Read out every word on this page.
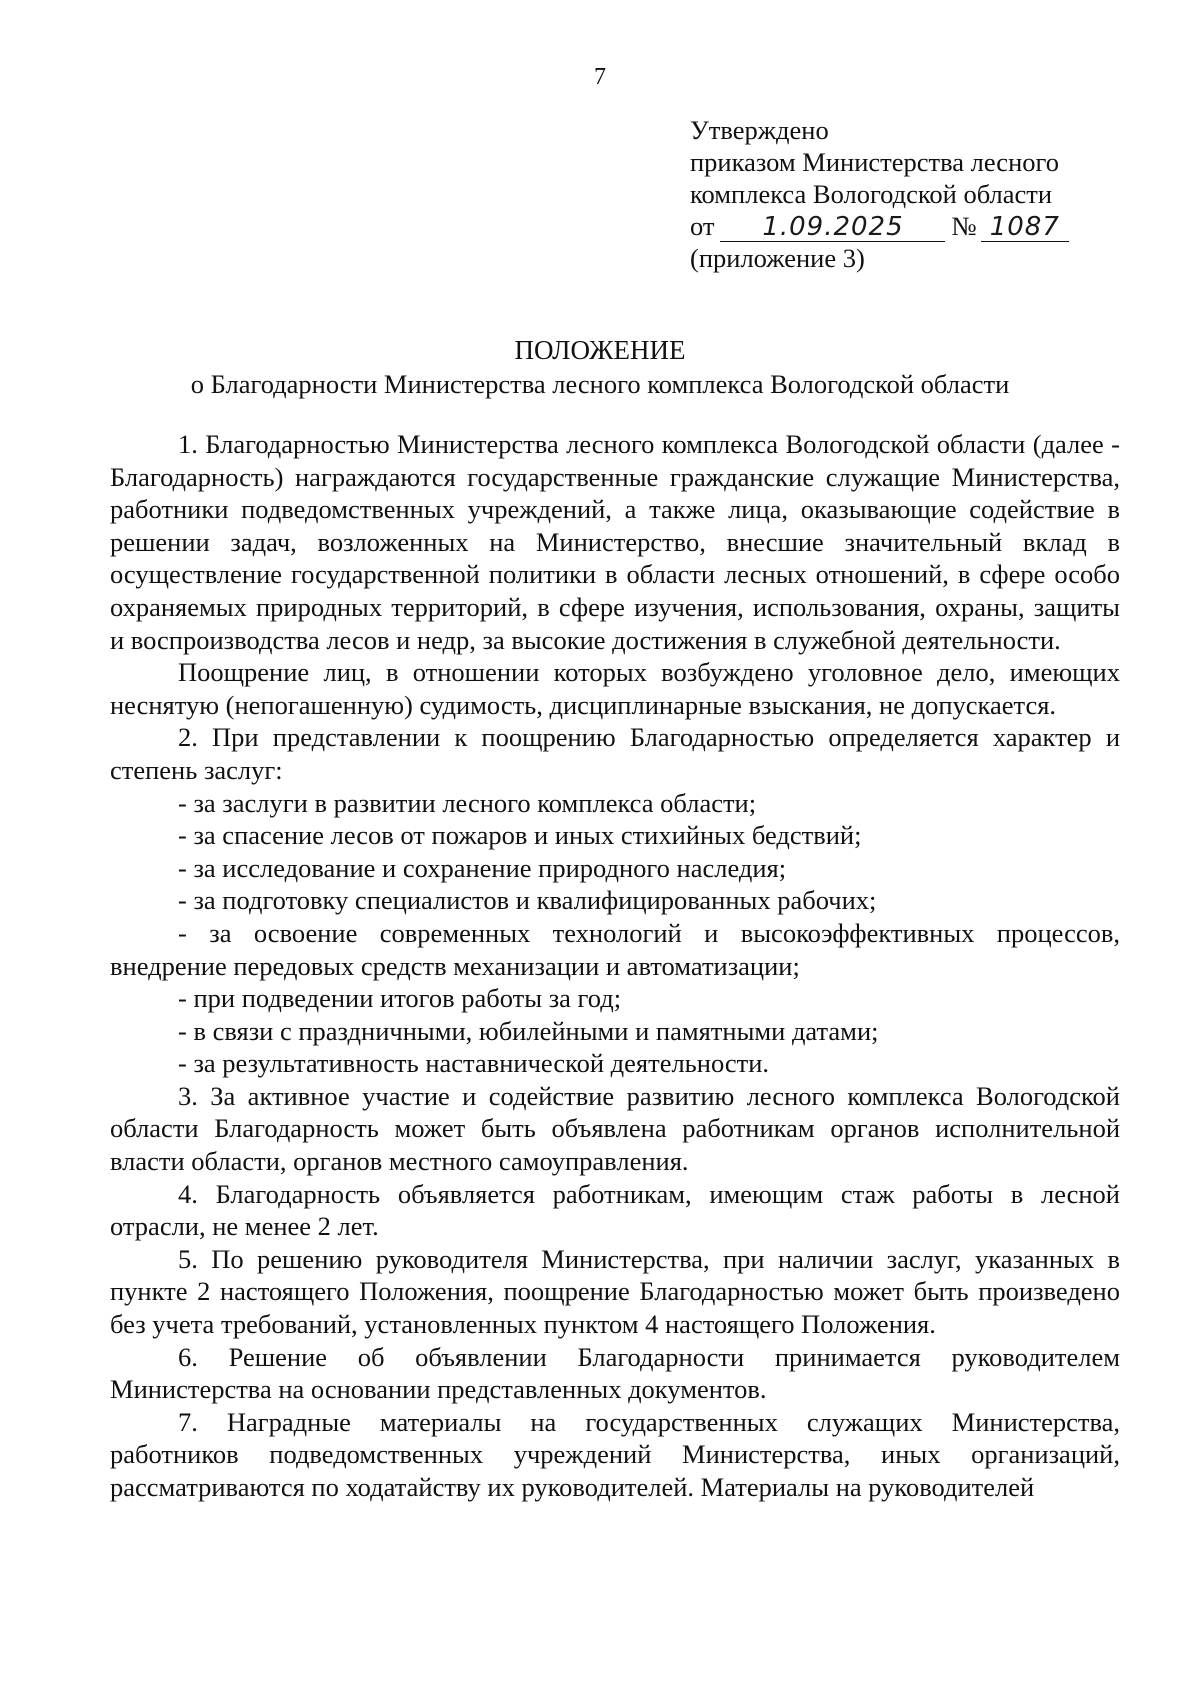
7
Утверждено
приказом Министерства лесного
комплекса Вологодской области
от 1.09.2025 № 1087
(приложение 3)
ПОЛОЖЕНИЕ
о Благодарности Министерства лесного комплекса Вологодской области

1. Благодарностью Министерства лесного комплекса Вологодской области (далее - Благодарность) награждаются государственные гражданские служащие Министерства, работники подведомственных учреждений, а также лица, оказывающие содействие в решении задач, возложенных на Министерство, внесшие значительный вклад в осуществление государственной политики в области лесных отношений, в сфере особо охраняемых природных территорий, в сфере изучения, использования, охраны, защиты и воспроизводства лесов и недр, за высокие достижения в служебной деятельности.

Поощрение лиц, в отношении которых возбуждено уголовное дело, имеющих неснятую (непогашенную) судимость, дисциплинарные взыскания, не допускается.

2. При представлении к поощрению Благодарностью определяется характер и степень заслуг:

- за заслуги в развитии лесного комплекса области;

- за спасение лесов от пожаров и иных стихийных бедствий;

- за исследование и сохранение природного наследия;

- за подготовку специалистов и квалифицированных рабочих;

- за освоение современных технологий и высокоэффективных процессов, внедрение передовых средств механизации и автоматизации;

- при подведении итогов работы за год;

- в связи с праздничными, юбилейными и памятными датами;

- за результативность наставнической деятельности.

3. За активное участие и содействие развитию лесного комплекса Вологодской области Благодарность может быть объявлена работникам органов исполнительной власти области, органов местного самоуправления.

4. Благодарность объявляется работникам, имеющим стаж работы в лесной отрасли, не менее 2 лет.

5. По решению руководителя Министерства, при наличии заслуг, указанных в пункте 2 настоящего Положения, поощрение Благодарностью может быть произведено без учета требований, установленных пунктом 4 настоящего Положения.

6. Решение об объявлении Благодарности принимается руководителем Министерства на основании представленных документов.

7. Наградные материалы на государственных служащих Министерства, работников подведомственных учреждений Министерства, иных организаций, рассматриваются по ходатайству их руководителей. Материалы на руководителей
